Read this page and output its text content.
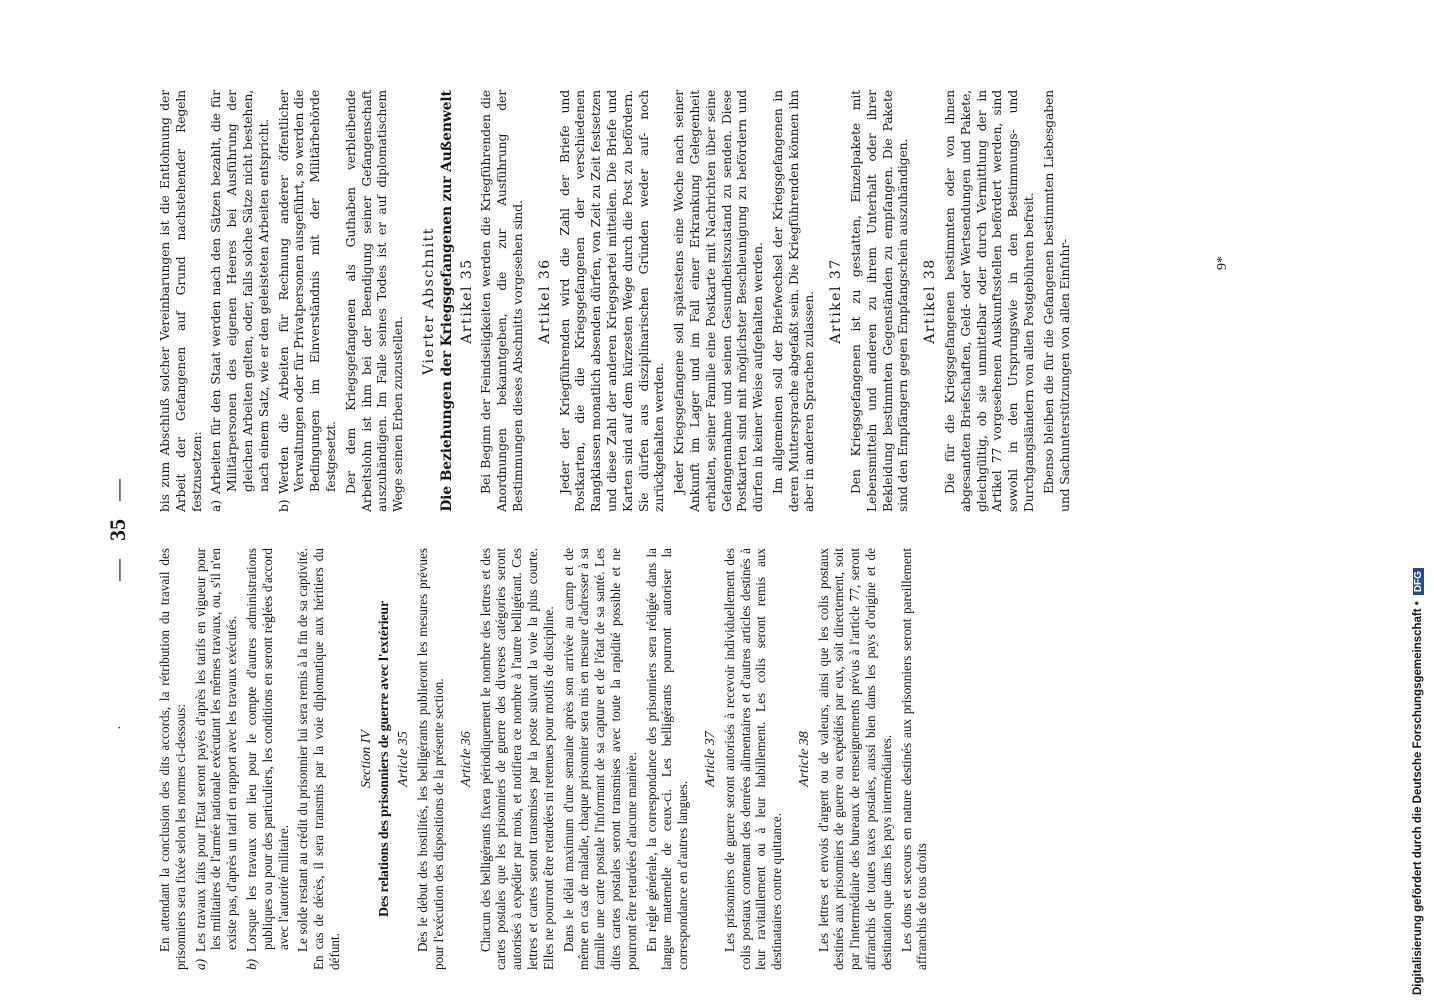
—
35
—
· En attendant la conclusion des dits accords, la rétribution du travail des prisonniers sera fixée selon les normes ci-dessous: a)Les travaux faits pour l'Etat seront payés d'après les tarifs en vigueur pour les militaires de l'armée nationale exécutant les mêmes travaux, ou, s'il n'en existe pas, d'après un tarif en rapport avec les travaux exécutés.
b)Lorsque les travaux ont lieu pour le compte d'autres administrations publiques ou pour des particuliers, les conditions en seront réglées d'accord avec l'autorité militaire. Le solde restant au crédit du prisonnier lui sera remis à la fin de sa captivité. En cas de décès, il sera transmis par la voie diplomatique aux héritiers du défunt.

Section IV Des relations des prisonniers de guerre avec l'extérieur Article 35 Dès le début des hostilités, les belligérants publieront les mesures prévues pour l'exécution des dispositions de la présente section. Article 36 Chacun des belligérants fixera périodiquement le nombre des lettres et des cartes postales que les prisonniers de guerre des diverses catégories seront autorisés à expédier par mois, et notifiera ce nombre à l'autre belligérant. Ces lettres et cartes seront transmises par la poste suivant la voie la plus courte. Elles ne pourront être retardées ni retenues pour motifs de discipline. Dans le délai maximum d'une semaine après son arrivée au camp et de même en cas de maladie, chaque prisonnier sera mis en mesure d'adresser à sa famille une carte postale l'informant de sa capture et de l'état de sa santé. Les dites cartes postales seront transmises avec toute la rapidité possible et ne pourront être retardées d'aucune manière. En règle générale, la correspondance des prisonniers sera rédigée dans la langue maternelle de ceux-ci. Les belligérants pourront autoriser la correspondance en d'autres langues.

Article 37 Les prisonniers de guerre seront autorisés à recevoir individuellement des colis postaux contenant des denrées alimentaires et d'autres articles destinés à leur ravitaillement ou à leur habillement. Les colis seront remis aux destinataires contre quittance.

Article 38 Les lettres et envois d'argent ou de valeurs, ainsi que les colis postaux destinés aux prisonniers de guerre ou expédiés par eux, soit directement, soit par l'intermédiaire des bureaux de renseignements prévus à l'article 77, seront affranchis de toutes taxes postales, aussi bien dans les pays d'origine et de destination que dans les pays intermédiaires. Les dons et secours en nature destinés aux prisonniers seront pareillement affranchis de tous droits

bis zum Abschluß solcher Vereinbarungen ist die Entlohnung der Arbeit der Gefangenen auf Grund nachstehender Regeln festzusetzen: a)Arbeiten für den Staat werden nach den Sätzen bezahlt, die für Militärpersonen des eigenen Heeres bei Ausführung der gleichen Arbeiten gelten, oder, falls solche Sätze nicht bestehen, nach einem Satz, wie er den geleisteten Arbeiten entspricht.
b)Werden die Arbeiten für Rechnung anderer öffentlicher Verwaltungen oder für Privatpersonen ausgeführt, so werden die Bedingungen im Einverständnis mit der Militärbehörde festgesetzt. Der dem Kriegsgefangenen als Guthaben verbleibende Arbeitslohn ist ihm bei der Beendigung seiner Gefangenschaft auszuhändigen. Im Falle seines Todes ist er auf diplomatischem Wege seinen Erben zuzustellen.

Vierter Abschnitt Die Beziehungen der Kriegsgefangenen zur Außenwelt Artikel 35 Bei Beginn der Feindseligkeiten werden die Kriegführenden die Anordnungen bekanntgeben, die zur Ausführung der Bestimmungen dieses Abschnitts vorgesehen sind. Artikel 36 Jeder der Kriegführenden wird die Zahl der Briefe und Postkarten, die die Kriegsgefangenen der verschiedenen Rangklassen monatlich absenden dürfen, von Zeit zu Zeit festsetzen und diese Zahl der anderen Kriegspartei mitteilen. Die Briefe und Karten sind auf dem kürzesten Wege durch die Post zu befördern. Sie dürfen aus disziplinarischen Gründen weder auf- noch zurückgehalten werden. Jeder Kriegsgefangene soll spätestens eine Woche nach seiner Ankunft im Lager und im Fall einer Erkrankung Gelegenheit erhalten, seiner Familie eine Postkarte mit Nachrichten über seine Gefangennahme und seinen Gesundheitszustand zu senden. Diese Postkarten sind mit möglichster Beschleunigung zu befördern und dürfen in keiner Weise aufgehalten werden. Im allgemeinen soll der Briefwechsel der Kriegsgefangenen in deren Muttersprache abgefaßt sein. Die Kriegführenden können ihn aber in anderen Sprachen zulassen. Artikel 37 Den Kriegsgefangenen ist zu gestatten, Einzelpakete mit Lebensmitteln und anderen zu ihrem Unterhalt oder ihrer Bekleidung bestimmten Gegenständen zu empfangen. Die Pakete sind den Empfängern gegen Empfangschein auszuhändigen. Artikel 38 Die für die Kriegsgefangenen bestimmten oder von ihnen abgesandten Briefschaften, Geld- oder Wertsendungen und Pakete, gleichgültig, ob sie unmittelbar oder durch Vermittlung der in Artikel 77 vorgesehenen Auskunftsstellen befördert werden, sind sowohl in den Ursprungswie in den Bestimmungs- und Durchgangsländern von allen Postgebühren befreit. Ebenso bleiben die für die Gefangenen bestimmten Liebesgaben und Sachunterstützungen von allen Einfuhr-	9*
Digitalisierung gefördert durch die Deutsche Forschungsgemeinschaft •
DFG
